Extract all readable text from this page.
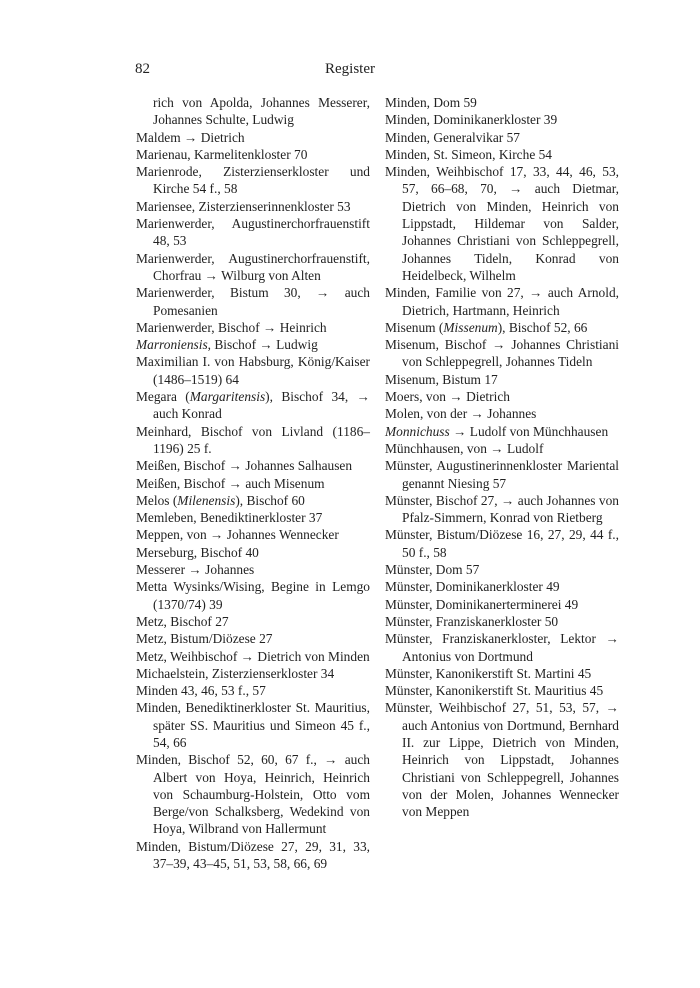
82	Register
rich von Apolda, Johannes Messerer, Johannes Schulte, Ludwig
Maldem → Dietrich
Marienau, Karmelitenkloster 70
Marienrode, Zisterzienserkloster und Kirche 54 f., 58
Mariensee, Zisterzienserinnenkloster 53
Marienwerder, Augustinerchorfrauenstift 48, 53
Marienwerder, Augustinerchorfrauenstift, Chorfrau → Wilburg von Alten
Marienwerder, Bistum 30, → auch Pomesanien
Marienwerder, Bischof → Heinrich
Marroniensis, Bischof → Ludwig
Maximilian I. von Habsburg, König/Kaiser (1486–1519) 64
Megara (Margaritensis), Bischof 34, → auch Konrad
Meinhard, Bischof von Livland (1186–1196) 25 f.
Meißen, Bischof → Johannes Salhausen
Meißen, Bischof → auch Misenum
Melos (Milenensis), Bischof 60
Memleben, Benediktinerkloster 37
Meppen, von → Johannes Wennecker
Merseburg, Bischof 40
Messerer → Johannes
Metta Wysinks/Wising, Begine in Lemgo (1370/74) 39
Metz, Bischof 27
Metz, Bistum/Diözese 27
Metz, Weihbischof → Dietrich von Minden
Michaelstein, Zisterzienserkloster 34
Minden 43, 46, 53 f., 57
Minden, Benediktinerkloster St. Mauritius, später SS. Mauritius und Simeon 45 f., 54, 66
Minden, Bischof 52, 60, 67 f., → auch Albert von Hoya, Heinrich, Heinrich von Schaumburg-Holstein, Otto vom Berge/von Schalksberg, Wedekind von Hoya, Wilbrand von Hallermunt
Minden, Bistum/Diözese 27, 29, 31, 33, 37–39, 43–45, 51, 53, 58, 66, 69
Minden, Dom 59
Minden, Dominikanerkloster 39
Minden, Generalvikar 57
Minden, St. Simeon, Kirche 54
Minden, Weihbischof 17, 33, 44, 46, 53, 57, 66–68, 70, → auch Dietmar, Dietrich von Minden, Heinrich von Lippstadt, Hildemar von Salder, Johannes Christiani von Schleppegrell, Johannes Tideln, Konrad von Heidelbeck, Wilhelm
Minden, Familie von 27, → auch Arnold, Dietrich, Hartmann, Heinrich
Misenum (Missenum), Bischof 52, 66
Misenum, Bischof → Johannes Christiani von Schleppegrell, Johannes Tideln
Misenum, Bistum 17
Moers, von → Dietrich
Molen, von der → Johannes
Monnichuss → Ludolf von Münchhausen
Münchhausen, von → Ludolf
Münster, Augustinerinnenkloster Mariental genannt Niesing 57
Münster, Bischof 27, → auch Johannes von Pfalz-Simmern, Konrad von Rietberg
Münster, Bistum/Diözese 16, 27, 29, 44 f., 50 f., 58
Münster, Dom 57
Münster, Dominikanerkloster 49
Münster, Dominikanerterminerei 49
Münster, Franziskanerkloster 50
Münster, Franziskanerkloster, Lektor → Antonius von Dortmund
Münster, Kanonikerstift St. Martini 45
Münster, Kanonikerstift St. Mauritius 45
Münster, Weihbischof 27, 51, 53, 57, → auch Antonius von Dortmund, Bernhard II. zur Lippe, Dietrich von Minden, Heinrich von Lippstadt, Johannes Christiani von Schleppegrell, Johannes von der Molen, Johannes Wennecker von Meppen
